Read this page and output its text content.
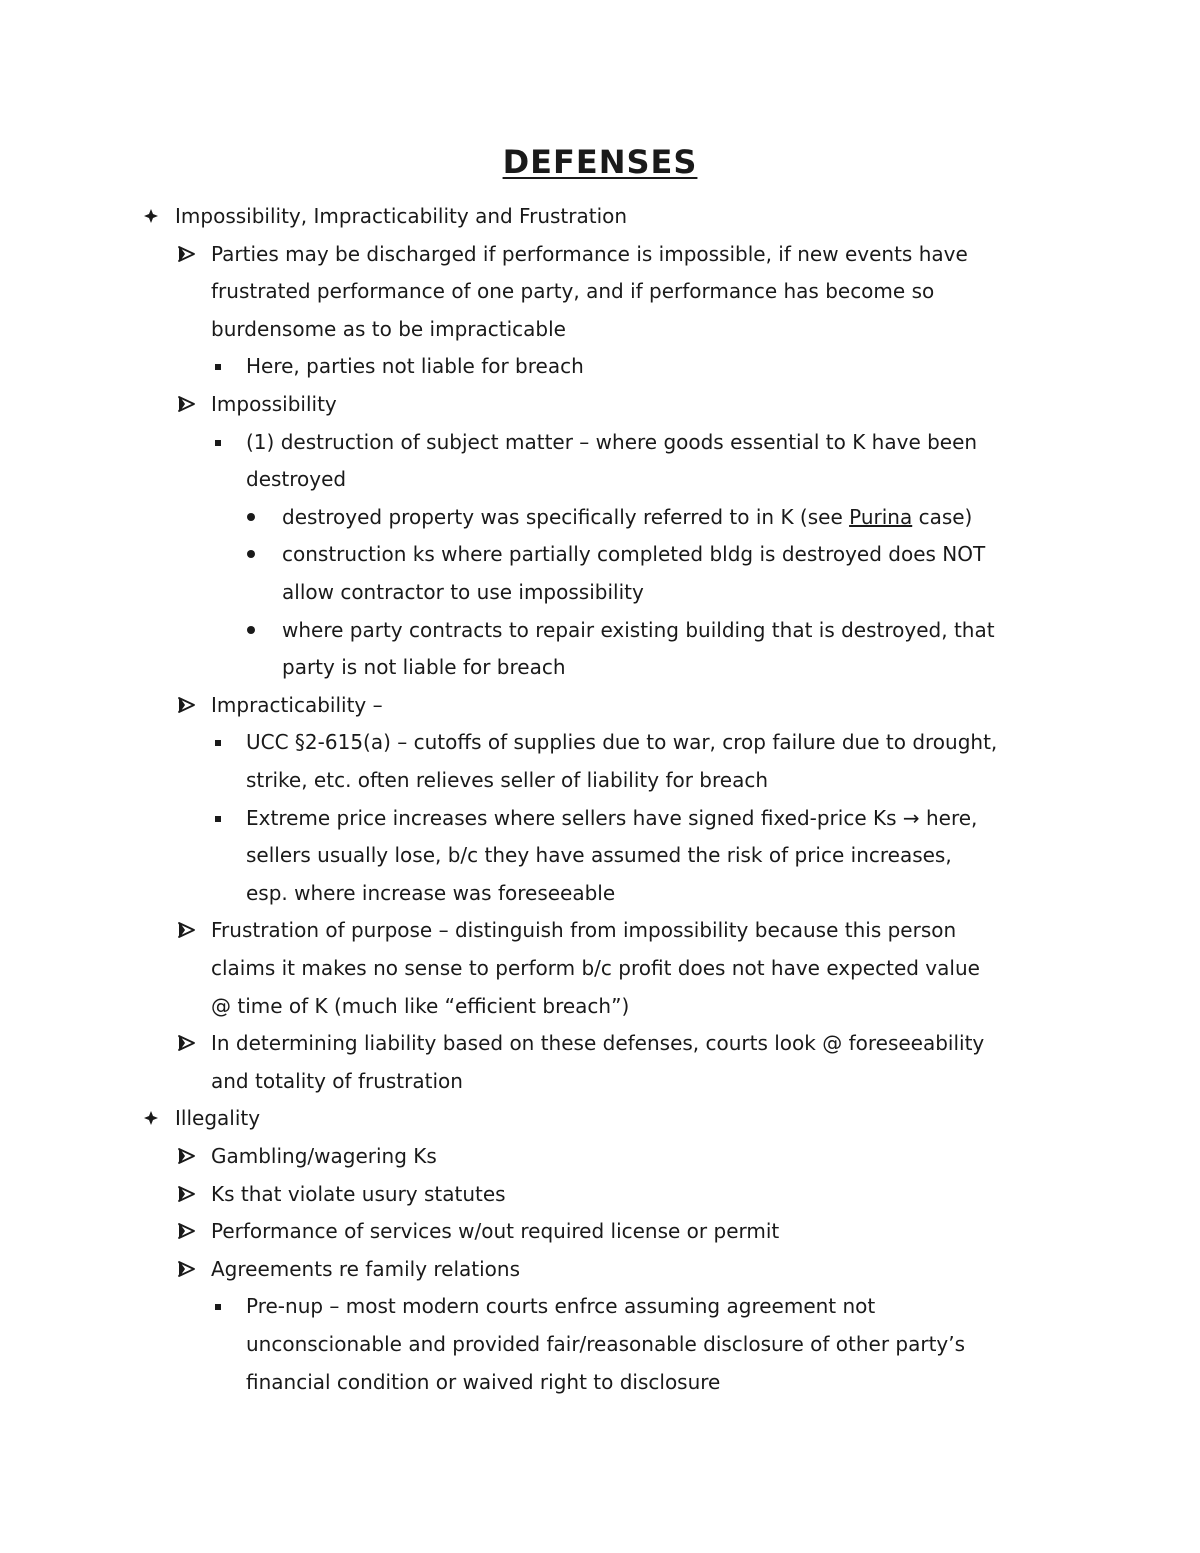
DEFENSES
Impossibility, Impracticability and Frustration
Parties may be discharged if performance is impossible, if new events have
frustrated performance of one party, and if performance has become so
burdensome as to be impracticable
Here, parties not liable for breach
Impossibility
(1) destruction of subject matter – where goods essential to K have been
destroyed
destroyed property was specifically referred to in K (see Purina case)
construction ks where partially completed bldg is destroyed does NOT
allow contractor to use impossibility
where party contracts to repair existing building that is destroyed, that
party is not liable for breach
Impracticability –
UCC §2-615(a) – cutoffs of supplies due to war, crop failure due to drought,
strike, etc. often relieves seller of liability for breach
Extreme price increases where sellers have signed fixed-price Ks → here,
sellers usually lose, b/c they have assumed the risk of price increases,
esp. where increase was foreseeable
Frustration of purpose – distinguish from impossibility because this person
claims it makes no sense to perform b/c profit does not have expected value
@ time of K (much like “efficient breach”)
In determining liability based on these defenses, courts look @ foreseeability
and totality of frustration
Illegality
Gambling/wagering Ks
Ks that violate usury statutes
Performance of services w/out required license or permit
Agreements re family relations
Pre-nup – most modern courts enfrce assuming agreement not
unconscionable and provided fair/reasonable disclosure of other party’s
financial condition or waived right to disclosure
